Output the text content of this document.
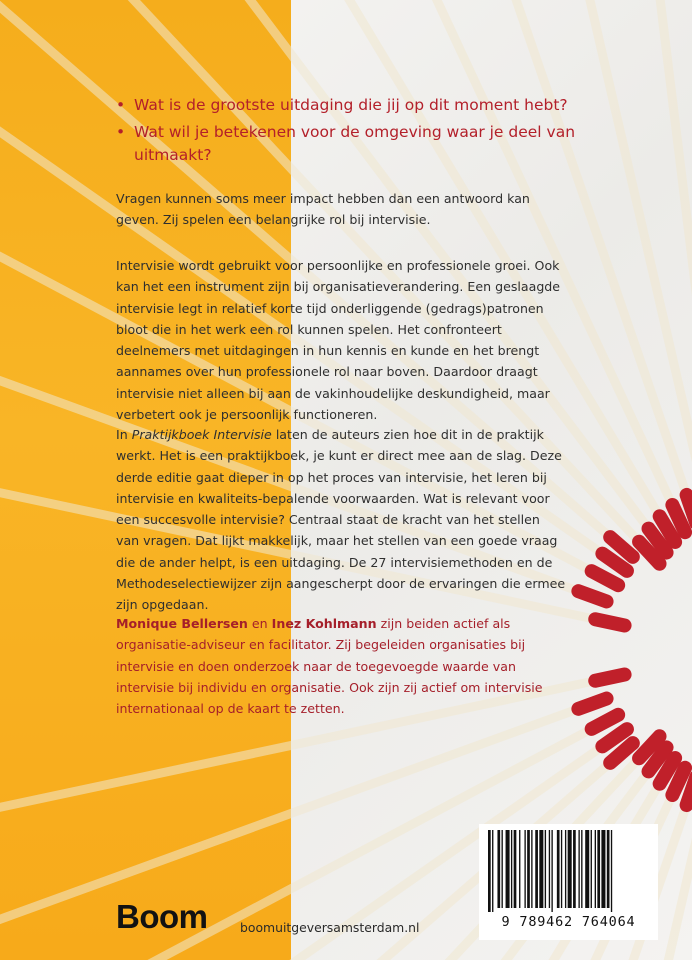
• Wat is de grootste uitdaging die jij op dit moment hebt?
• Wat wil je betekenen voor de omgeving waar je deel van uitmaakt?

Vragen kunnen soms meer impact hebben dan een antwoord kan geven. Zij spelen een belangrijke rol bij intervisie.

Intervisie wordt gebruikt voor persoonlijke en professionele groei. Ook kan het een instrument zijn bij organisatieverandering. Een geslaagde intervisie legt in relatief korte tijd onderliggende (gedrags)patronen bloot die in het werk een rol kunnen spelen. Het confronteert deelnemers met uitdagingen in hun kennis en kunde en het brengt aannames over hun professionele rol naar boven. Daardoor draagt intervisie niet alleen bij aan de vakinhoudelijke deskundigheid, maar verbetert ook je persoonlijk functioneren.

In Praktijkboek Intervisie laten de auteurs zien hoe dit in de praktijk werkt. Het is een praktijkboek, je kunt er direct mee aan de slag. Deze derde editie gaat dieper in op het proces van intervisie, het leren bij intervisie en kwaliteits-bepalende voorwaarden. Wat is relevant voor een succesvolle intervisie? Centraal staat de kracht van het stellen van vragen. Dat lijkt makkelijk, maar het stellen van een goede vraag die de ander helpt, is een uitdaging. De 27 intervisiemethoden en de Methodeselectiewijzer zijn aangescherpt door de ervaringen die ermee zijn opgedaan.

Monique Bellersen en Inez Kohlmann zijn beiden actief als organisatie-adviseur en facilitator. Zij begeleiden organisaties bij intervisie en doen onderzoek naar de toegevoegde waarde van intervisie bij individu en organisatie. Ook zijn zij actief om intervisie internationaal op de kaart te zetten.

9 789462 764064
Boom	boomuitgeversamsterdam.nl
